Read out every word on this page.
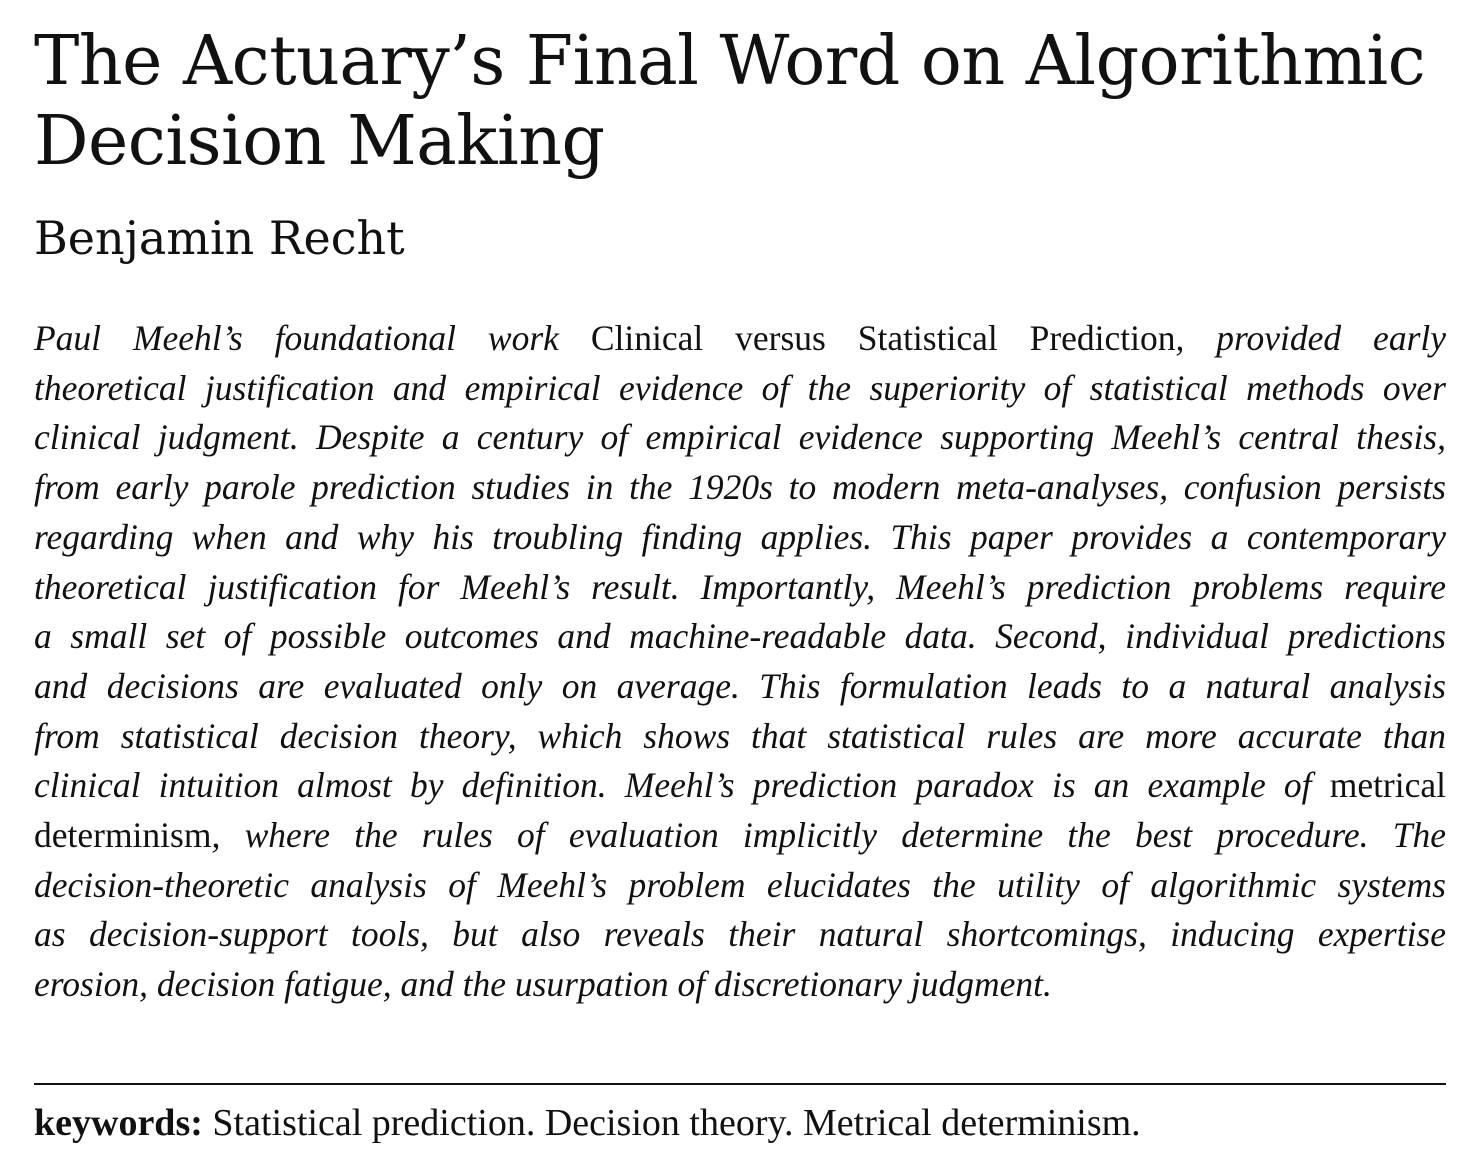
The Actuary’s Final Word on Algorithmic
Decision Making
Benjamin Recht
Paul Meehl’s foundational work Clinical versus Statistical Prediction, provided early
theoretical justification and empirical evidence of the superiority of statistical methods over
clinical judgment. Despite a century of empirical evidence supporting Meehl’s central thesis,
from early parole prediction studies in the 1920s to modern meta-analyses, confusion persists
regarding when and why his troubling finding applies. This paper provides a contemporary
theoretical justification for Meehl’s result. Importantly, Meehl’s prediction problems require
a small set of possible outcomes and machine-readable data. Second, individual predictions
and decisions are evaluated only on average. This formulation leads to a natural analysis
from statistical decision theory, which shows that statistical rules are more accurate than
clinical intuition almost by definition. Meehl’s prediction paradox is an example of metrical
determinism, where the rules of evaluation implicitly determine the best procedure. The
decision-theoretic analysis of Meehl’s problem elucidates the utility of algorithmic systems
as decision-support tools, but also reveals their natural shortcomings, inducing expertise
erosion, decision fatigue, and the usurpation of discretionary judgment.
keywords: Statistical prediction. Decision theory. Metrical determinism.
